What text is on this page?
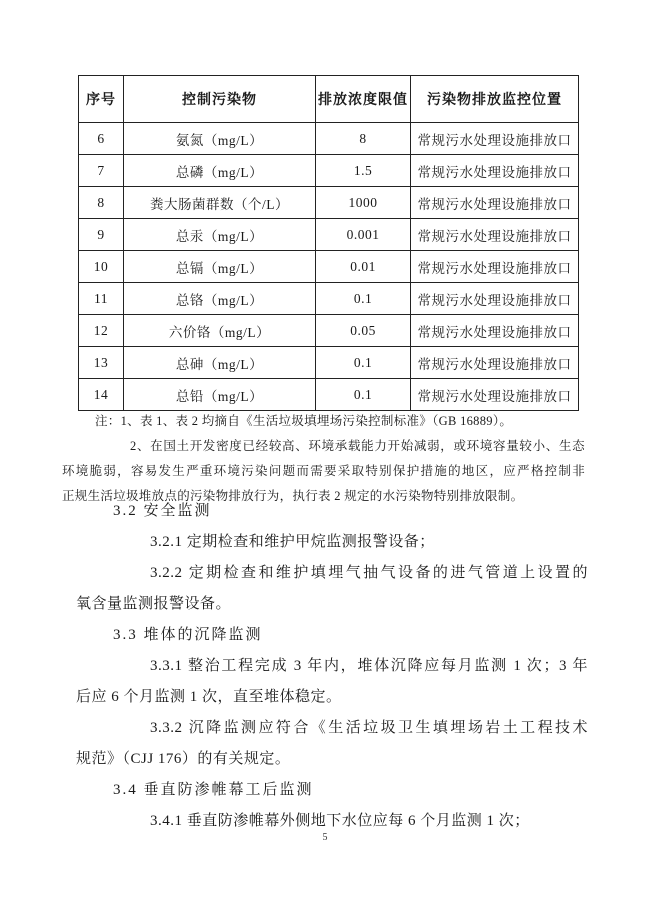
序号	控制污染物	排放浓度限值	污染物排放监控位置
6	氨氮（mg/L）	8	常规污水处理设施排放口
7	总磷（mg/L）	1.5	常规污水处理设施排放口
8	粪大肠菌群数（个/L）	1000	常规污水处理设施排放口
9	总汞（mg/L）	0.001	常规污水处理设施排放口
10	总镉（mg/L）	0.01	常规污水处理设施排放口
11	总铬（mg/L）	0.1	常规污水处理设施排放口
12	六价铬（mg/L）	0.05	常规污水处理设施排放口
13	总砷（mg/L）	0.1	常规污水处理设施排放口
14	总铅（mg/L）	0.1	常规污水处理设施排放口
注：1、表 1、表 2 均摘自《生活垃圾填埋场污染控制标准》（GB 16889）。
2、在国土开发密度已经较高、环境承载能力开始减弱，或环境容量较小、生态
环境脆弱，容易发生严重环境污染问题而需要采取特别保护措施的地区，应严格控制非
正规生活垃圾堆放点的污染物排放行为，执行表 2 规定的水污染物特别排放限制。
3.2 安全监测
3.2.1 定期检查和维护甲烷监测报警设备；
3.2.2 定期检查和维护填埋气抽气设备的进气管道上设置的
氧含量监测报警设备。
3.3 堆体的沉降监测
3.3.1 整治工程完成 3 年内，堆体沉降应每月监测 1 次；3 年
后应 6 个月监测 1 次，直至堆体稳定。
3.3.2 沉降监测应符合《生活垃圾卫生填埋场岩土工程技术
规范》（CJJ 176）的有关规定。
3.4 垂直防渗帷幕工后监测
3.4.1 垂直防渗帷幕外侧地下水位应每 6 个月监测 1 次；
5
